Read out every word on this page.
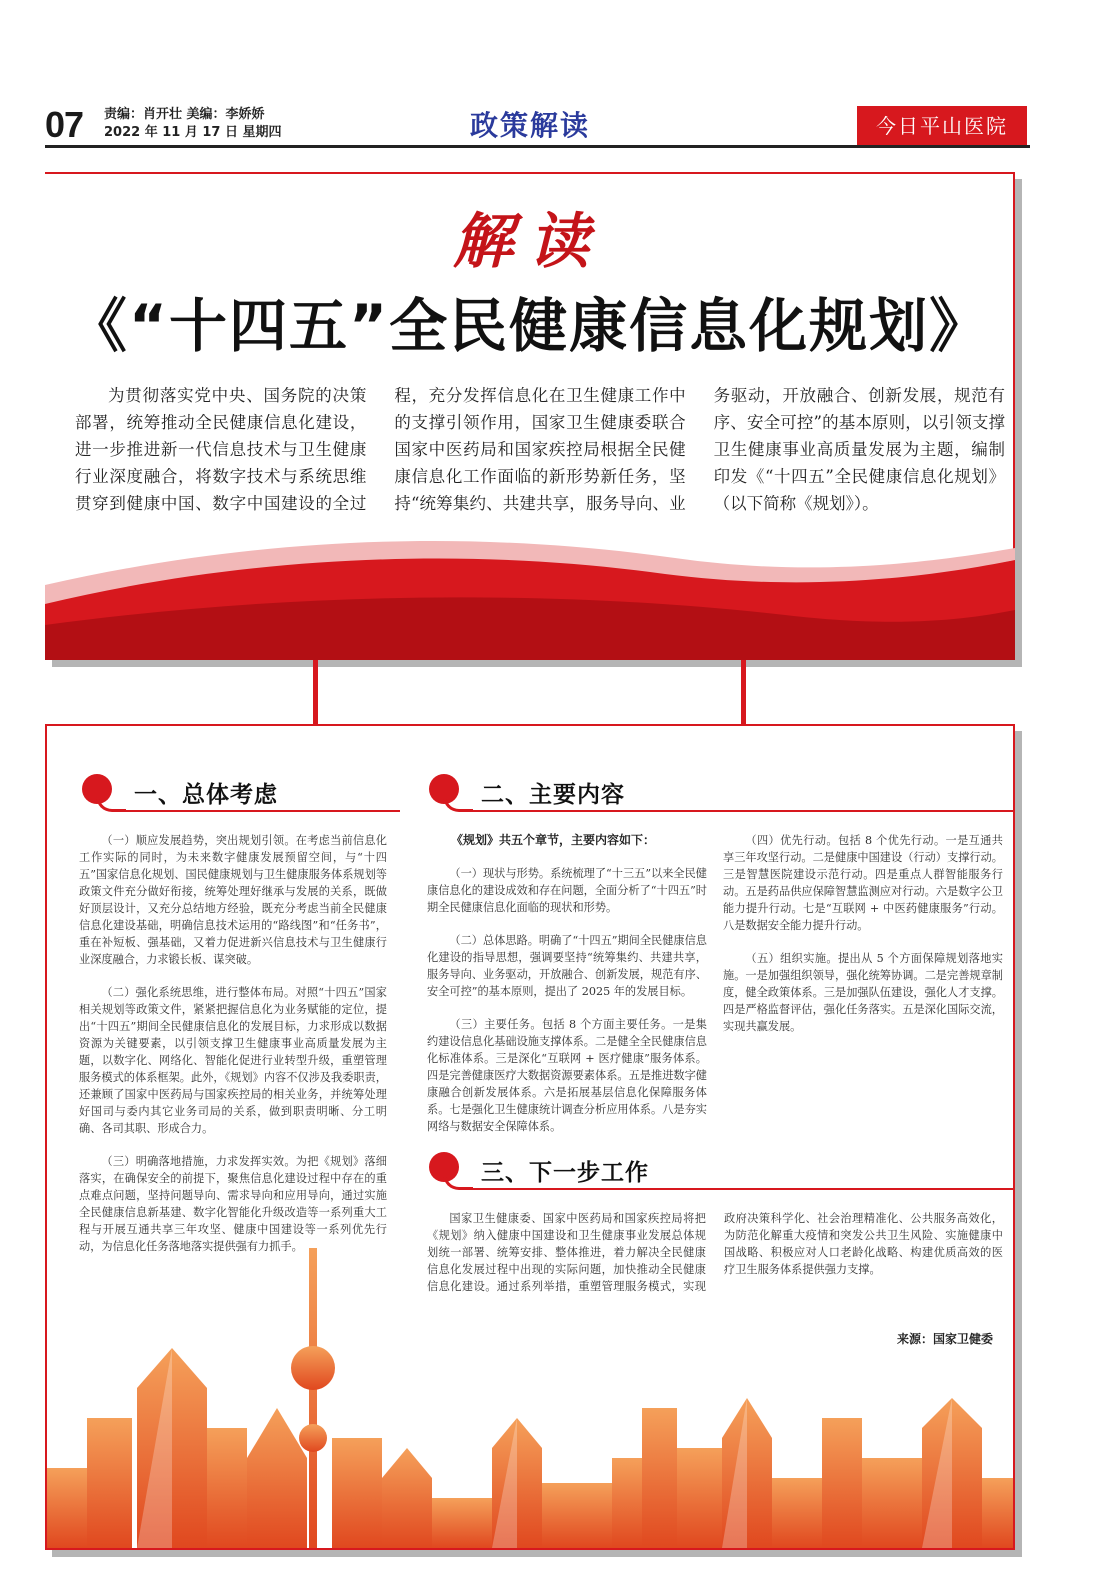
07 责编：肖开壮 美编：李娇娇
2022 年 11 月 17 日 星期四	政策解读	今日平山医院
解读
《“十四五”全民健康信息化规划》

为贯彻落实党中央、国务院的决策部署，统筹推动全民健康信息化建设，进一步推进新一代信息技术与卫生健康行业深度融合，将数字技术与系统思维贯穿到健康中国、数字中国建设的全过程，充分发挥信息化在卫生健康工作中的支撑引领作用，国家卫生健康委联合国家中医药局和国家疾控局根据全民健康信息化工作面临的新形势新任务，坚持“统筹集约、共建共享，服务导向、业务驱动，开放融合、创新发展，规范有序、安全可控”的基本原则，以引领支撑卫生健康事业高质量发展为主题，编制印发《“十四五”全民健康信息化规划》（以下简称《规划》）。

一、总体考虑

（一）顺应发展趋势，突出规划引领。在考虑当前信息化工作实际的同时，为未来数字健康发展预留空间，与“十四五”国家信息化规划、国民健康规划与卫生健康服务体系规划等政策文件充分做好衔接，统筹处理好继承与发展的关系，既做好顶层设计，又充分总结地方经验，既充分考虑当前全民健康信息化建设基础，明确信息技术运用的“路线图”和“任务书”，重在补短板、强基础，又着力促进新兴信息技术与卫生健康行业深度融合，力求锻长板、谋突破。

（二）强化系统思维，进行整体布局。对照“十四五”国家相关规划等政策文件，紧紧把握信息化为业务赋能的定位，提出“十四五”期间全民健康信息化的发展目标，力求形成以数据资源为关键要素，以引领支撑卫生健康事业高质量发展为主题，以数字化、网络化、智能化促进行业转型升级，重塑管理服务模式的体系框架。此外，《规划》内容不仅涉及我委职责，还兼顾了国家中医药局与国家疾控局的相关业务，并统筹处理好国司与委内其它业务司局的关系，做到职责明晰、分工明确、各司其职、形成合力。

（三）明确落地措施，力求发挥实效。为把《规划》落细落实，在确保安全的前提下，聚焦信息化建设过程中存在的重点难点问题，坚持问题导向、需求导向和应用导向，通过实施全民健康信息新基建、数字化智能化升级改造等一系列重大工程与开展互通共享三年攻坚、健康中国建设等一系列优先行动，为信息化任务落地落实提供强有力抓手。

二、主要内容

《规划》共五个章节，主要内容如下：

（一）现状与形势。系统梳理了“十三五”以来全民健康信息化的建设成效和存在问题，全面分析了“十四五”时期全民健康信息化面临的现状和形势。

（二）总体思路。明确了“十四五”期间全民健康信息化建设的指导思想，强调要坚持“统筹集约、共建共享，服务导向、业务驱动，开放融合、创新发展，规范有序、安全可控”的基本原则，提出了 2025 年的发展目标。

（三）主要任务。包括 8 个方面主要任务。一是集约建设信息化基础设施支撑体系。二是健全全民健康信息化标准体系。三是深化“互联网 + 医疗健康”服务体系。四是完善健康医疗大数据资源要素体系。五是推进数字健康融合创新发展体系。六是拓展基层信息化保障服务体系。七是强化卫生健康统计调查分析应用体系。八是夯实网络与数据安全保障体系。

（四）优先行动。包括 8 个优先行动。一是互通共享三年攻坚行动。二是健康中国建设（行动）支撑行动。三是智慧医院建设示范行动。四是重点人群智能服务行动。五是药品供应保障智慧监测应对行动。六是数字公卫能力提升行动。七是“互联网 + 中医药健康服务”行动。八是数据安全能力提升行动。

（五）组织实施。提出从 5 个方面保障规划落地实施。一是加强组织领导，强化统筹协调。二是完善规章制度，健全政策体系。三是加强队伍建设，强化人才支撑。四是严格监督评估，强化任务落实。五是深化国际交流，实现共赢发展。

三、下一步工作

国家卫生健康委、国家中医药局和国家疾控局将把《规划》纳入健康中国建设和卫生健康事业发展总体规划统一部署、统筹安排、整体推进，着力解决全民健康信息化发展过程中出现的实际问题，加快推动全民健康信息化建设。通过系列举措，重塑管理服务模式，实现政府决策科学化、社会治理精准化、公共服务高效化，为防范化解重大疫情和突发公共卫生风险、实施健康中国战略、积极应对人口老龄化战略、构建优质高效的医疗卫生服务体系提供强力支撑。

来源：国家卫健委
